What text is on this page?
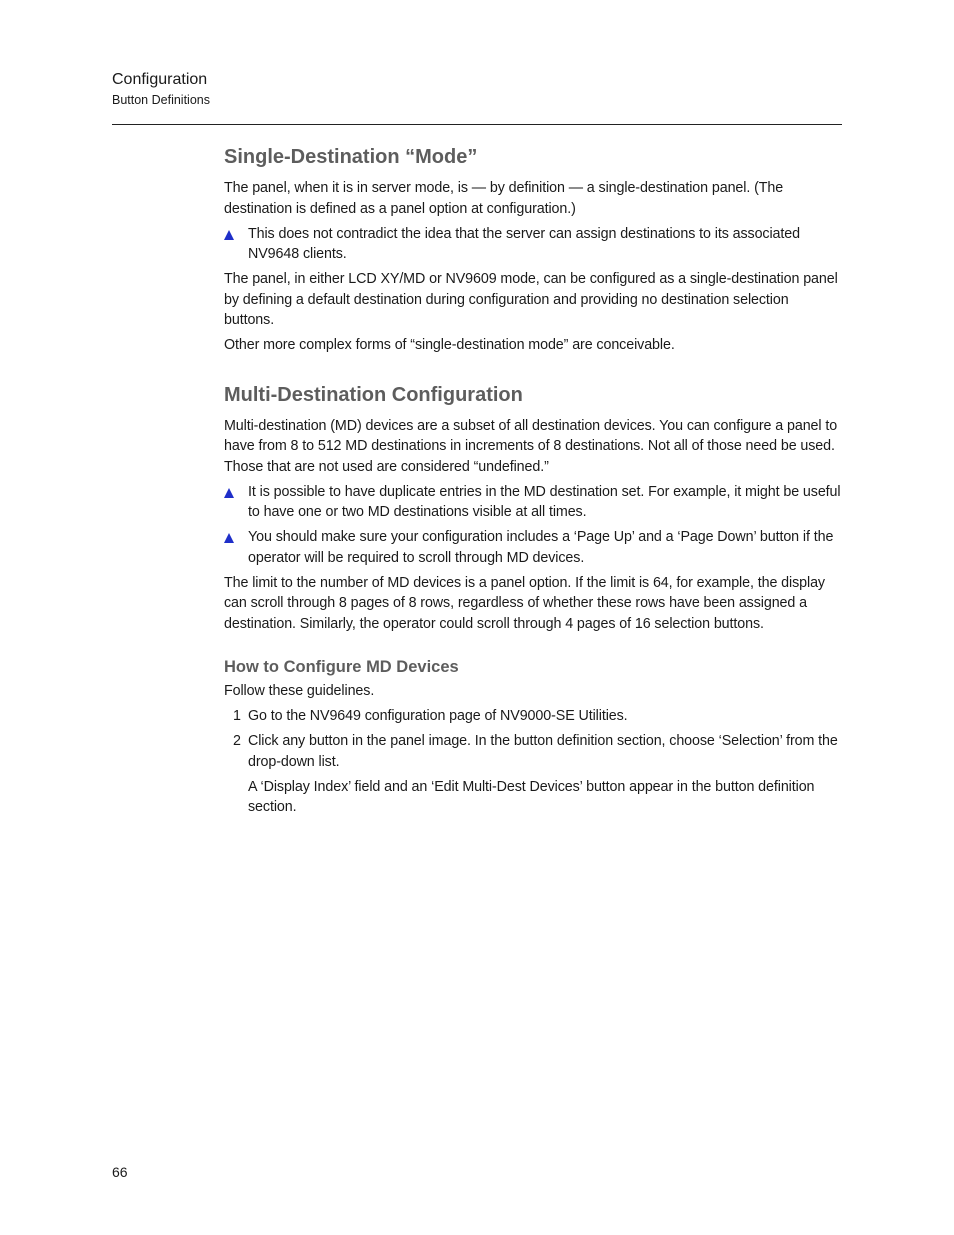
Configuration
Button Definitions
Single-Destination “Mode”

The panel, when it is in server mode, is — by definition — a single-destination panel. (The destination is defined as a panel option at configuration.)

This does not contradict the idea that the server can assign destinations to its associated NV9648 clients.

The panel, in either LCD XY/MD or NV9609 mode, can be configured as a single-destination panel by defining a default destination during configuration and providing no destination selection buttons.

Other more complex forms of “single-destination mode” are conceivable.

Multi-Destination Configuration

Multi-destination (MD) devices are a subset of all destination devices. You can configure a panel to have from 8 to 512 MD destinations in increments of 8 destinations. Not all of those need be used. Those that are not used are considered “undefined.”

It is possible to have duplicate entries in the MD destination set. For example, it might be useful to have one or two MD destinations visible at all times.
You should make sure your configuration includes a ‘Page Up’ and a ‘Page Down’ button if the operator will be required to scroll through MD devices.

The limit to the number of MD devices is a panel option. If the limit is 64, for example, the display can scroll through 8 pages of 8 rows, regardless of whether these rows have been assigned a destination. Similarly, the operator could scroll through 4 pages of 16 selection buttons.

How to Configure MD Devices

Follow these guidelines.

1 Go to the NV9649 configuration page of NV9000-SE Utilities.
2 Click any button in the panel image. In the button definition section, choose ‘Selection’ from the drop-down list.
A ‘Display Index’ field and an ‘Edit Multi-Dest Devices’ button appear in the button definition section.
66
